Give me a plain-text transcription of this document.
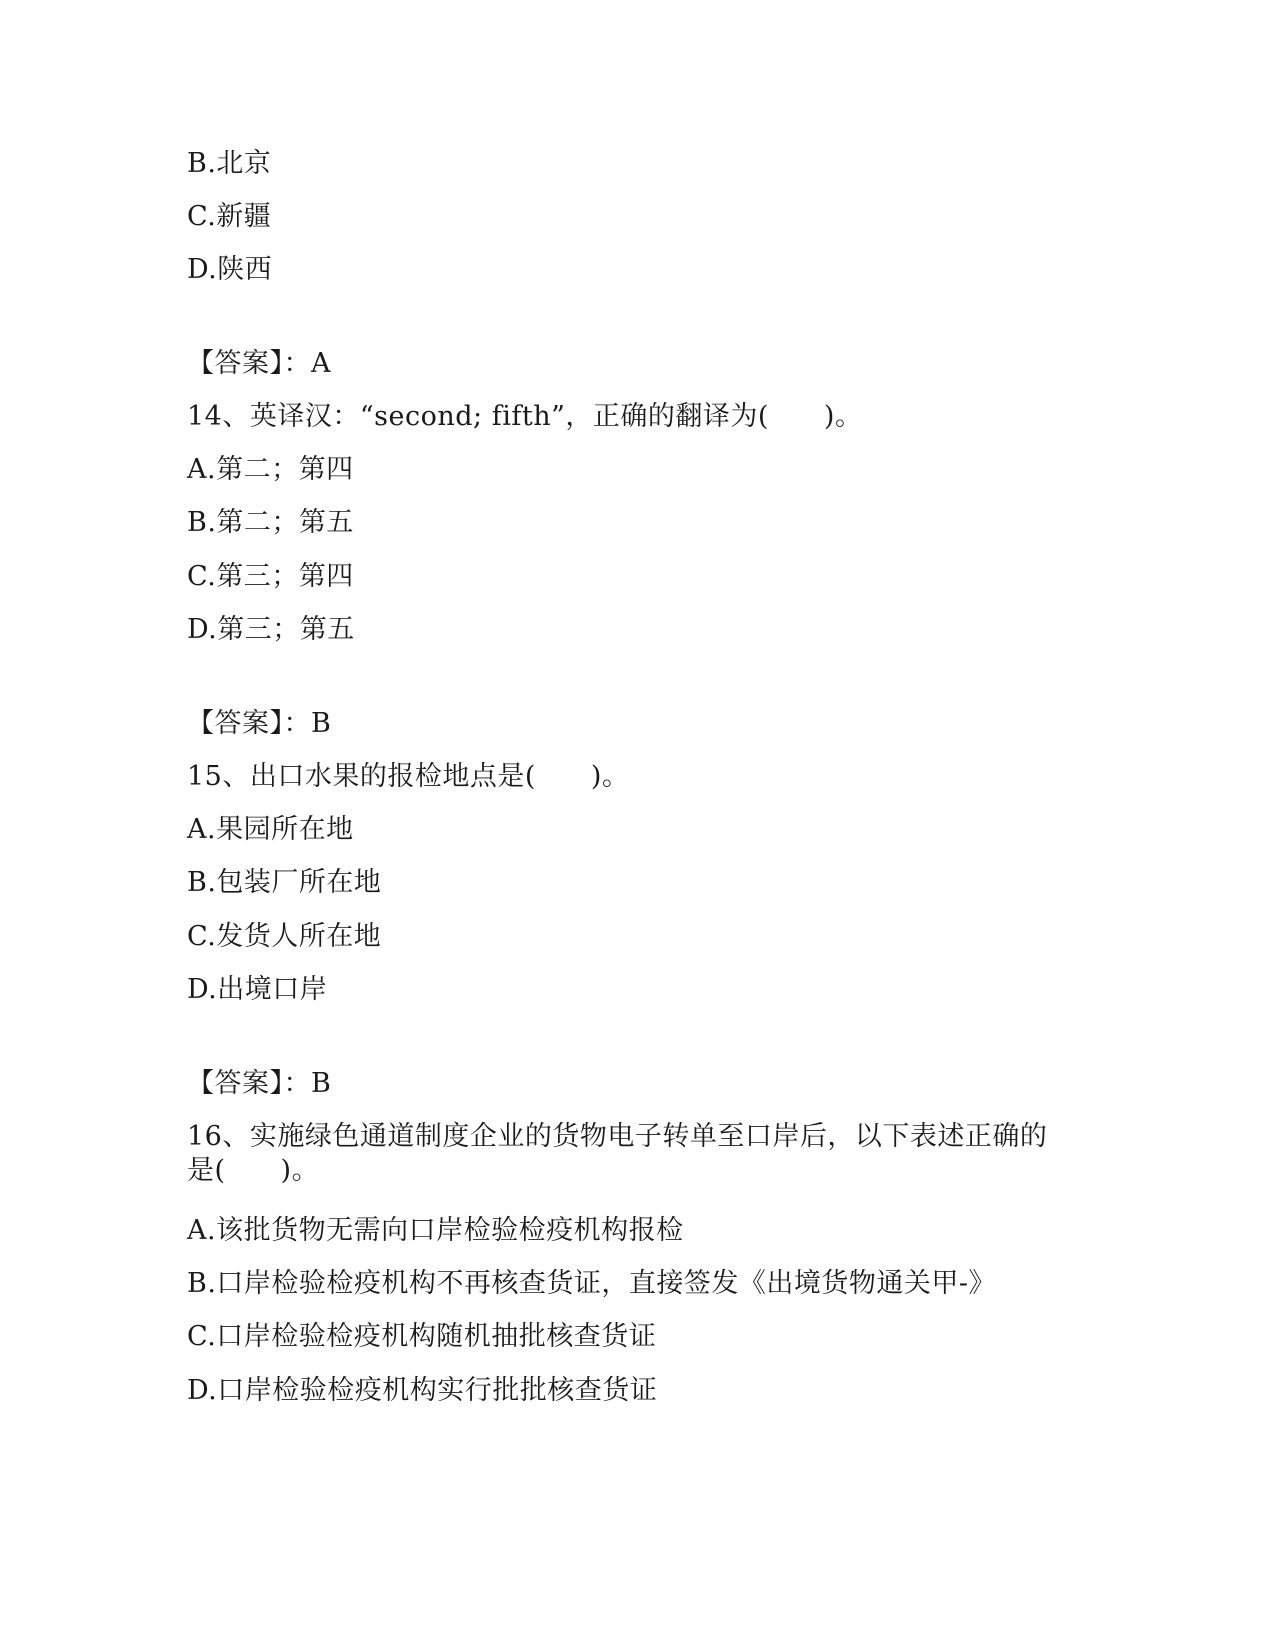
B.北京
C.新疆
D.陕西
【答案】：A
14、英译汉：“second; fifth”，正确的翻译为(　　)。
A.第二；第四
B.第二；第五
C.第三；第四
D.第三；第五
【答案】：B
15、出口水果的报检地点是(　　)。
A.果园所在地
B.包装厂所在地
C.发货人所在地
D.出境口岸
【答案】：B
16、实施绿色通道制度企业的货物电子转单至口岸后，以下表述正确的是(　　)。
A.该批货物无需向口岸检验检疫机构报检
B.口岸检验检疫机构不再核查货证，直接签发《出境货物通关甲-》
C.口岸检验检疫机构随机抽批核查货证
D.口岸检验检疫机构实行批批核查货证
